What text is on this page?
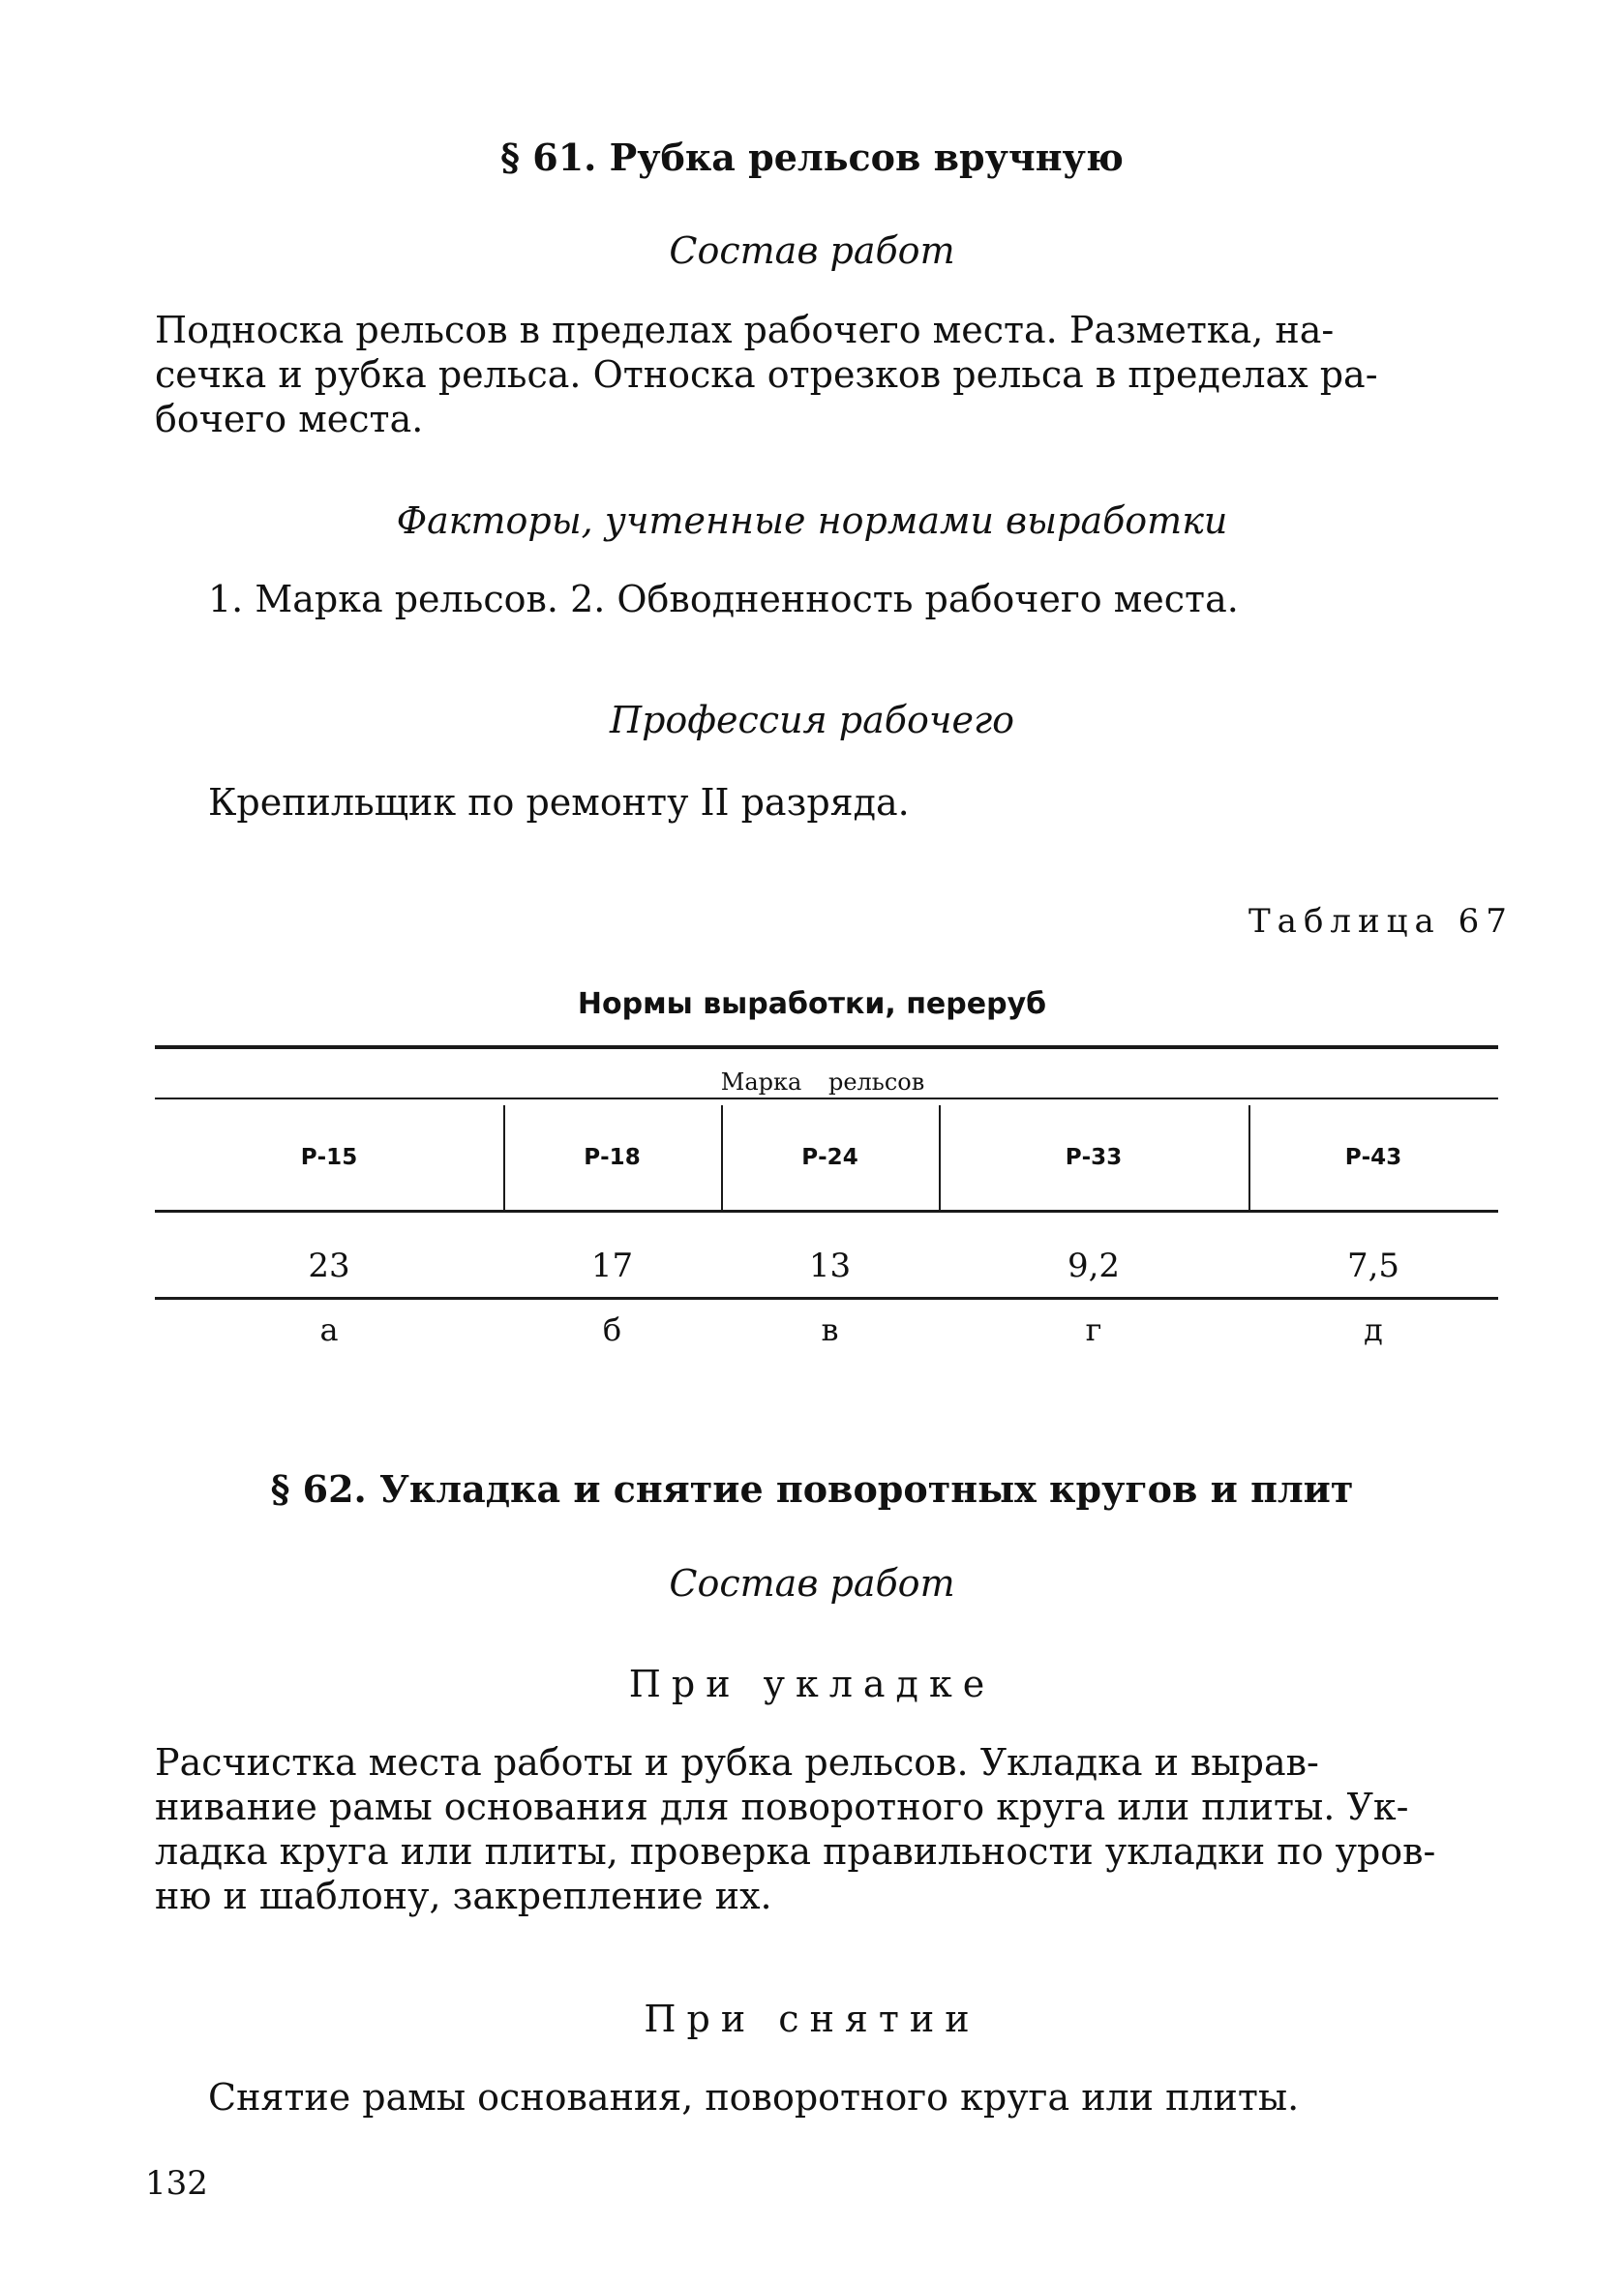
§ 61. Рубка рельсов вручную
Состав работ
Подноска рельсов в пределах рабочего места. Разметка, на-
сечка и рубка рельса. Относка отрезков рельса в пределах ра-
бочего места.
Факторы, учтенные нормами выработки
1. Марка рельсов. 2. Обводненность рабочего места.
Профессия рабочего
Крепильщик по ремонту II разряда.
Таблица 67
Нормы выработки, переруб
Марка рельсов
Р-15	Р-18	Р-24	Р-33	Р-43
23	17	13	9,2	7,5
а	б	в	г	д
§ 62. Укладка и снятие поворотных кругов и плит
Состав работ
При укладке
Расчистка места работы и рубка рельсов. Укладка и вырав-
нивание рамы основания для поворотного круга или плиты. Ук-
ладка круга или плиты, проверка правильности укладки по уров-
ню и шаблону, закрепление их.
При снятии
Снятие рамы основания, поворотного круга или плиты.
132
